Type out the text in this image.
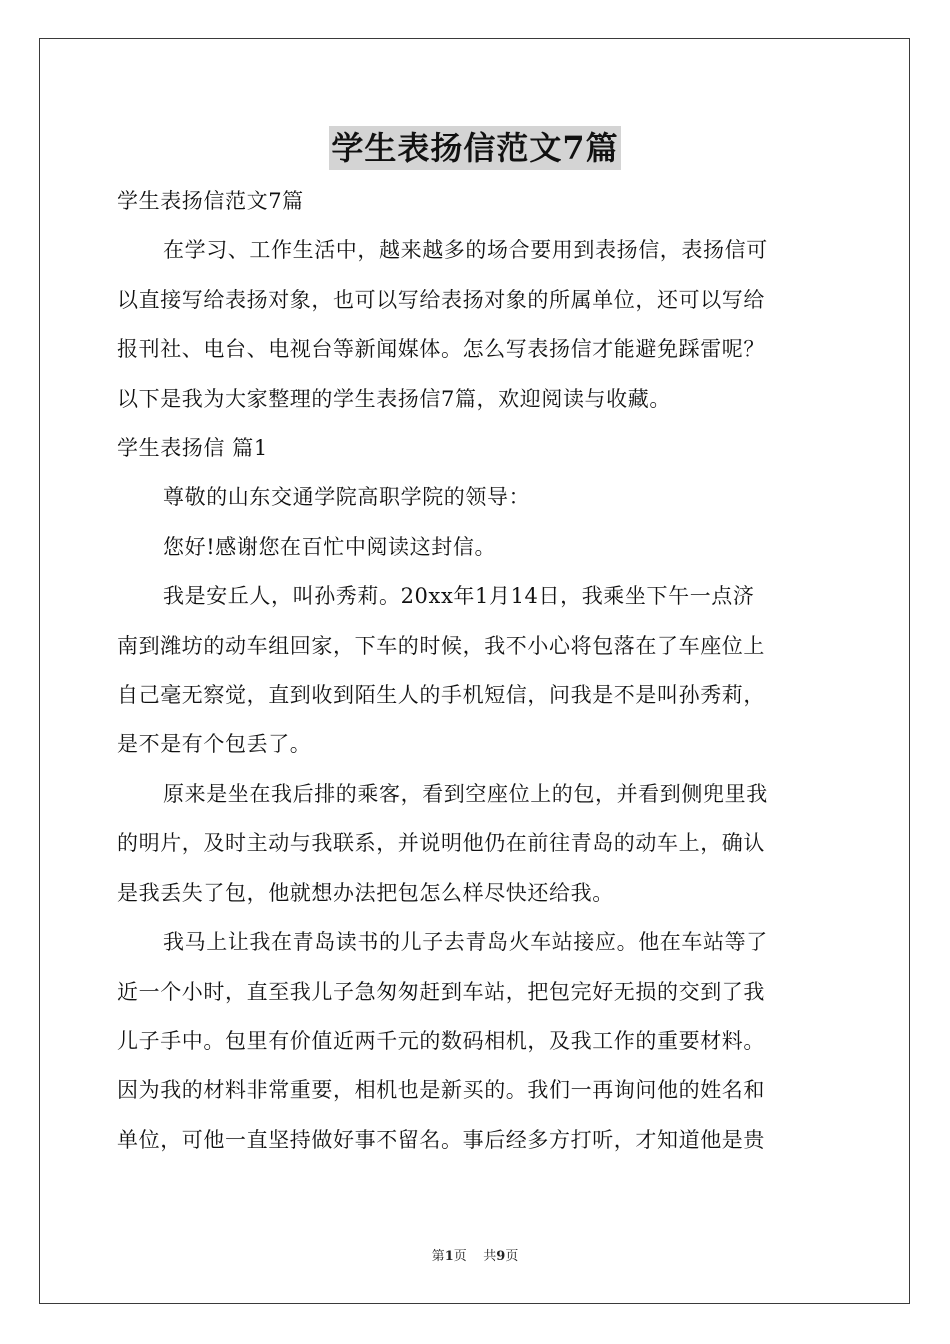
学生表扬信范文7篇

学生表扬信范文7篇

在学习、工作生活中，越来越多的场合要用到表扬信，表扬信可

以直接写给表扬对象，也可以写给表扬对象的所属单位，还可以写给

报刊社、电台、电视台等新闻媒体。怎么写表扬信才能避免踩雷呢？

以下是我为大家整理的学生表扬信7篇，欢迎阅读与收藏。

学生表扬信 篇1

尊敬的山东交通学院高职学院的领导：

您好!感谢您在百忙中阅读这封信。

我是安丘人，叫孙秀莉。20xx年1月14日，我乘坐下午一点济

南到潍坊的动车组回家，下车的时候，我不小心将包落在了车座位上

自己毫无察觉，直到收到陌生人的手机短信，问我是不是叫孙秀莉，

是不是有个包丢了。

原来是坐在我后排的乘客，看到空座位上的包，并看到侧兜里我

的明片，及时主动与我联系，并说明他仍在前往青岛的动车上，确认

是我丢失了包，他就想办法把包怎么样尽快还给我。

我马上让我在青岛读书的儿子去青岛火车站接应。他在车站等了

近一个小时，直至我儿子急匆匆赶到车站，把包完好无损的交到了我

儿子手中。包里有价值近两千元的数码相机，及我工作的重要材料。

因为我的材料非常重要，相机也是新买的。我们一再询问他的姓名和

单位，可他一直坚持做好事不留名。事后经多方打听，才知道他是贵

第1页    共9页
